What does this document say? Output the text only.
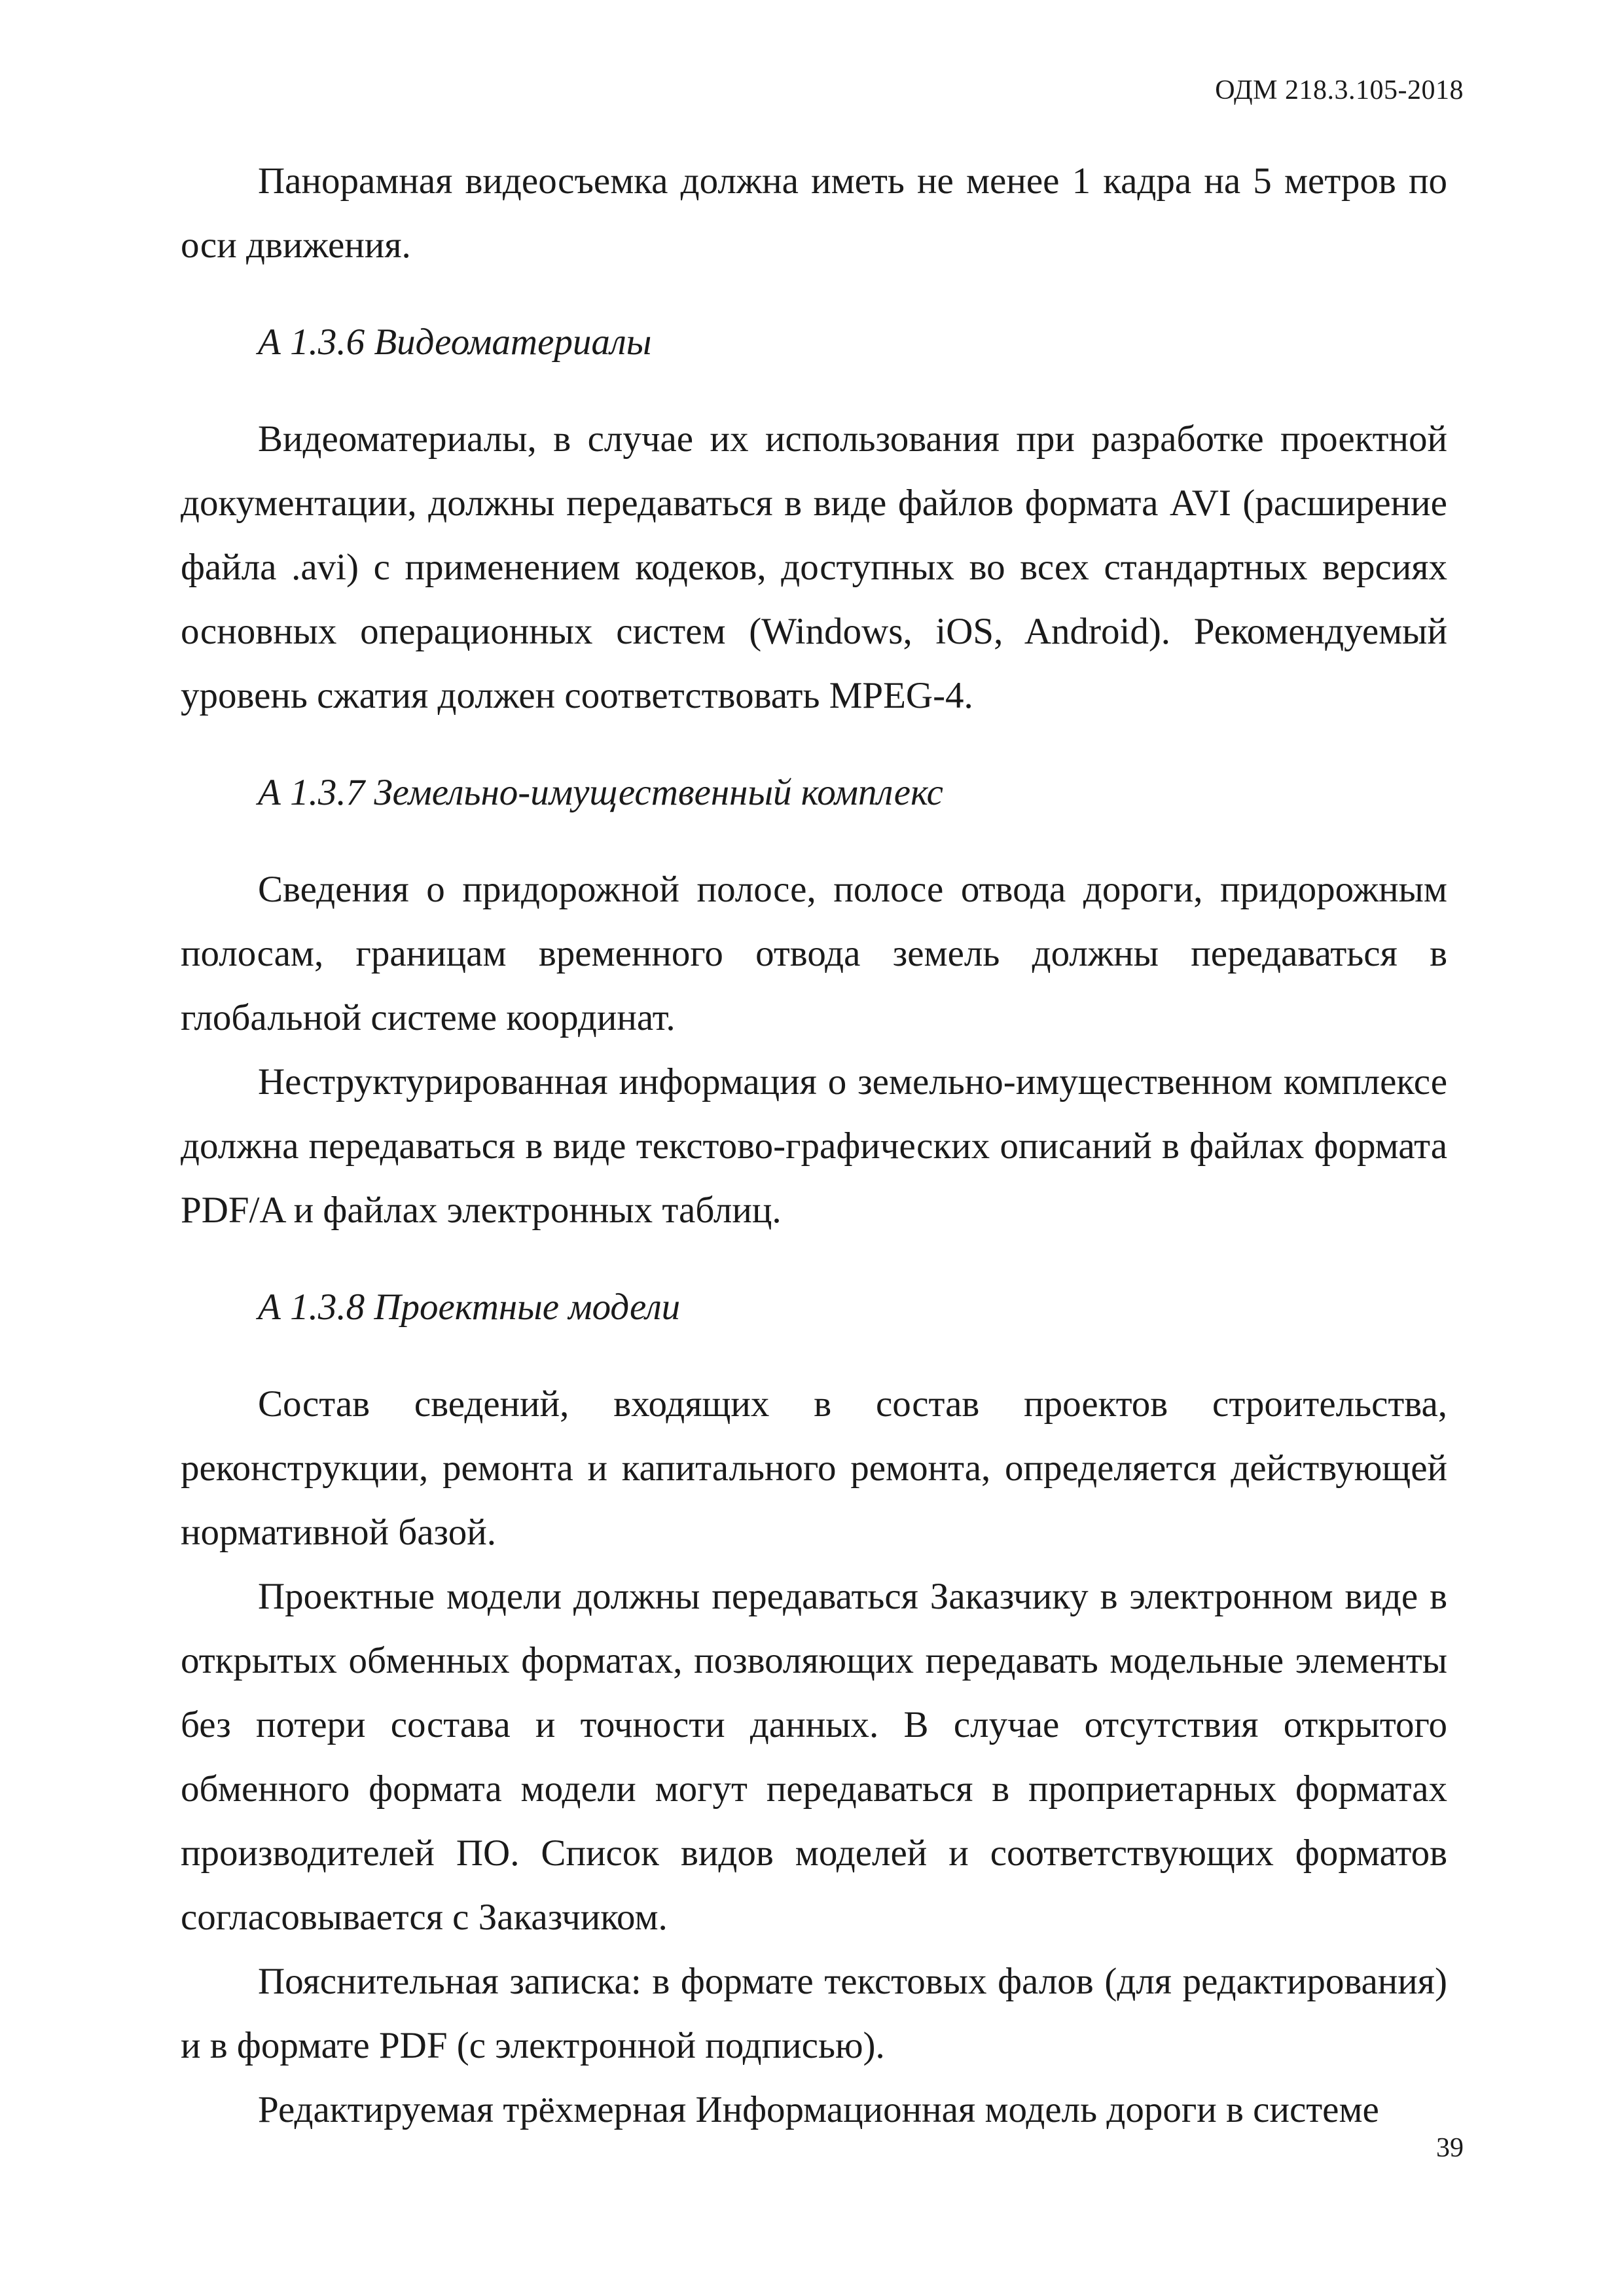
ОДМ 218.3.105-2018

Панорамная видеосъемка должна иметь не менее 1 кадра на 5 метров по оси движения.

А 1.3.6 Видеоматериалы

Видеоматериалы, в случае их использования при разработке проектной документации, должны передаваться в виде файлов формата AVI (расширение файла .avi) с применением кодеков, доступных во всех стандартных версиях основных операционных систем (Windows, iOS, Android). Рекомендуемый уровень сжатия должен соответствовать MPEG-4.

А 1.3.7 Земельно-имущественный комплекс

Сведения о придорожной полосе, полосе отвода дороги, придорожным полосам, границам временного отвода земель должны передаваться в глобальной системе координат.

Неструктурированная информация о земельно-имущественном комплексе должна передаваться в виде текстово-графических описаний в файлах формата PDF/A и файлах электронных таблиц.

А 1.3.8 Проектные модели

Состав сведений, входящих в состав проектов строительства, реконструкции, ремонта и капитального ремонта, определяется действующей нормативной базой.

Проектные модели должны передаваться Заказчику в электронном виде в открытых обменных форматах, позволяющих передавать модельные элементы без потери состава и точности данных. В случае отсутствия открытого обменного формата модели могут передаваться в проприетарных форматах производителей ПО. Список видов моделей и соответствующих форматов согласовывается с Заказчиком.

Пояснительная записка: в формате текстовых фалов (для редактирования) и в формате PDF (с электронной подписью).

Редактируемая трёхмерная Информационная модель дороги в системе

39
